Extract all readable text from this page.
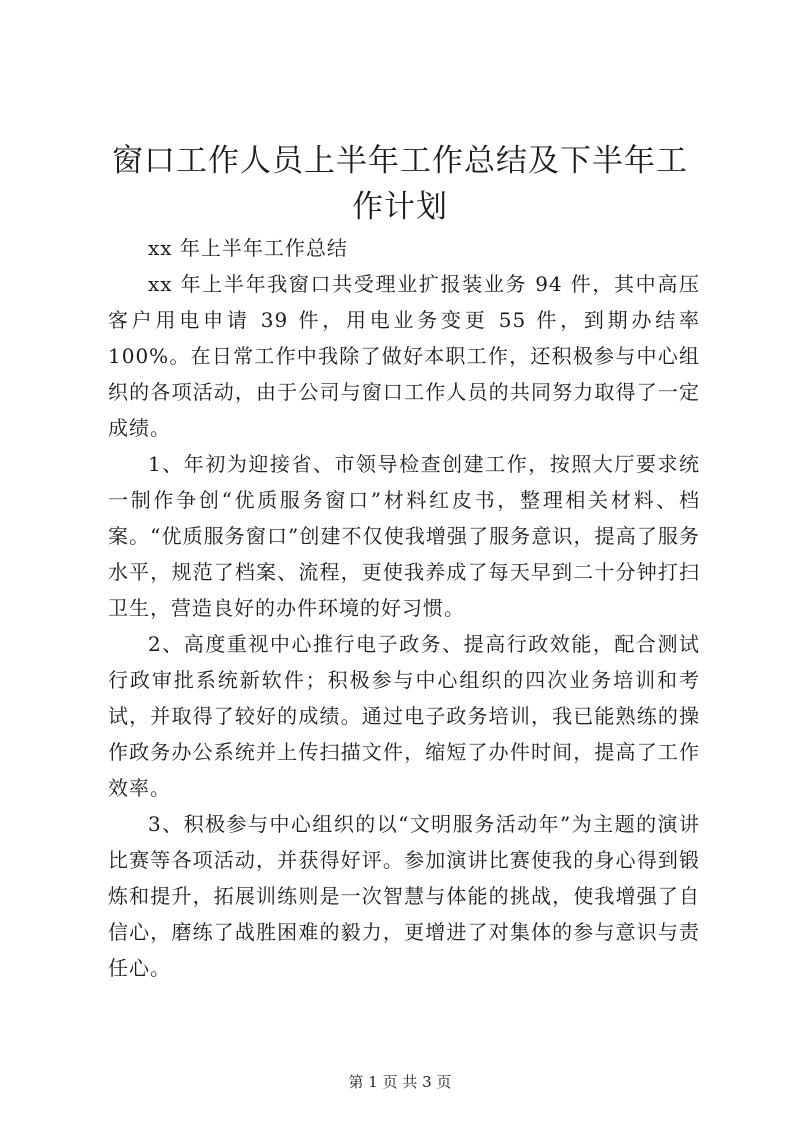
窗口工作人员上半年工作总结及下半年工作计划

xx 年上半年工作总结

xx 年上半年我窗口共受理业扩报装业务 94 件，其中高压客户用电申请 39 件，用电业务变更 55 件，到期办结率 100%。在日常工作中我除了做好本职工作，还积极参与中心组织的各项活动，由于公司与窗口工作人员的共同努力取得了一定成绩。

1、年初为迎接省、市领导检查创建工作，按照大厅要求统一制作争创“优质服务窗口”材料红皮书，整理相关材料、档案。“优质服务窗口”创建不仅使我增强了服务意识，提高了服务水平，规范了档案、流程，更使我养成了每天早到二十分钟打扫卫生，营造良好的办件环境的好习惯。

2、高度重视中心推行电子政务、提高行政效能，配合测试行政审批系统新软件；积极参与中心组织的四次业务培训和考试，并取得了较好的成绩。通过电子政务培训，我已能熟练的操作政务办公系统并上传扫描文件，缩短了办件时间，提高了工作效率。

3、积极参与中心组织的以“文明服务活动年”为主题的演讲比赛等各项活动，并获得好评。参加演讲比赛使我的身心得到锻炼和提升，拓展训练则是一次智慧与体能的挑战，使我增强了自信心，磨练了战胜困难的毅力，更增进了对集体的参与意识与责任心。

第 1 页 共 3 页
